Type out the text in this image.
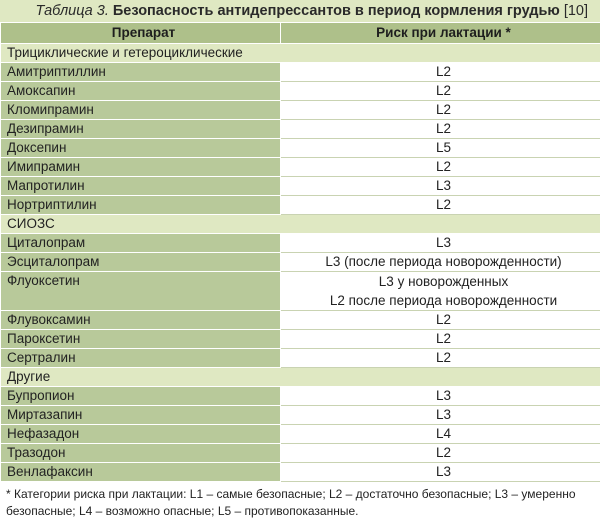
Таблица 3. Безопасность антидепрессантов в период кормления грудью [10]
Препарат	Риск при лактации *
Трициклические и гетероциклические	
Амитриптиллин	L2
Амоксапин	L2
Кломипрамин	L2
Дезипрамин	L2
Доксепин	L5
Имипрамин	L2
Мапротилин	L3
Нортриптилин	L2
СИОЗС	
Циталопрам	L3
Эсциталопрам	L3 (после периода новорожденности)
Флуоксетин	L3 у новорожденных
L2 после периода новорожденности

Флувоксамин	L2
Пароксетин	L2
Сертралин	L2
Другие	
Бупропион	L3
Миртазапин	L3
Нефазадон	L4
Тразодон	L2
Венлафаксин	L3
* Категории риска при лактации: L1 – самые безопасные; L2 – достаточно безопасные; L3 – умеренно безопасные; L4 – возможно опасные; L5 – противопоказанные.
